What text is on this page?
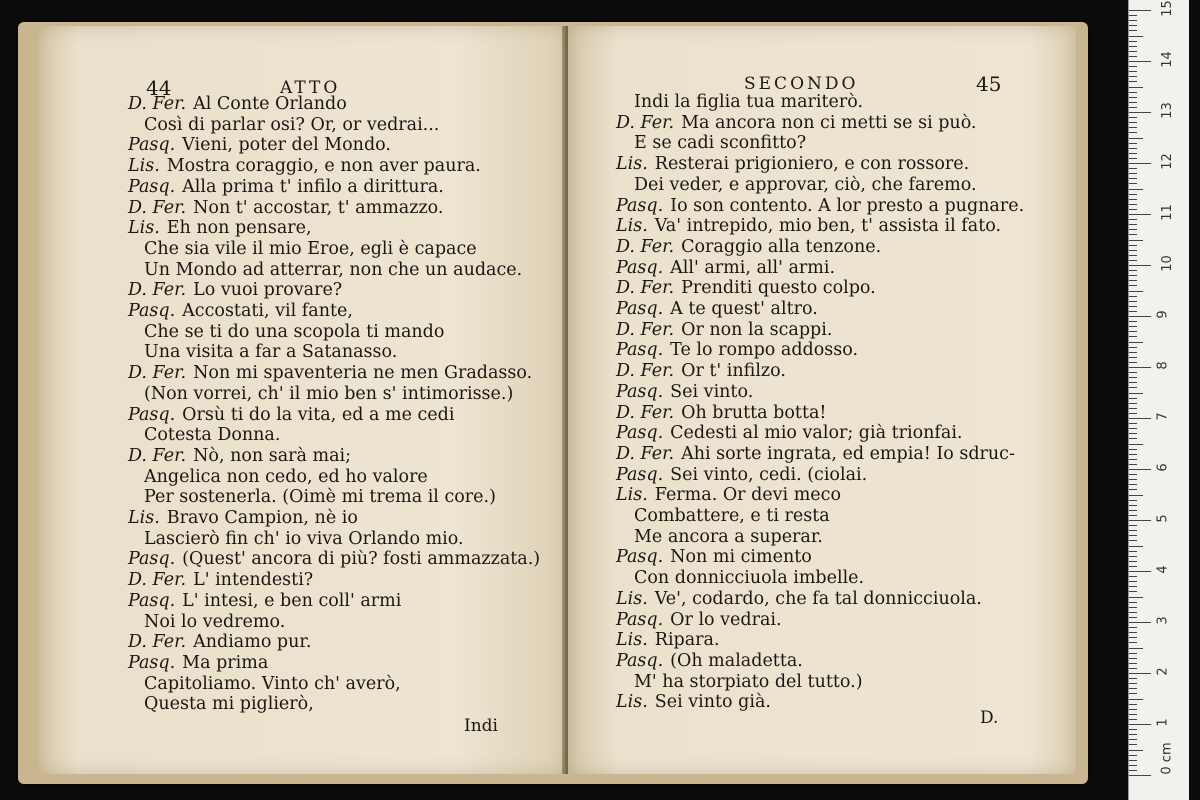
44	ATTO
D. Fer. Al Conte Orlando
Così di parlar osi? Or, or vedrai...
Pasq. Vieni, poter del Mondo.
Lis. Mostra coraggio, e non aver paura.
Pasq. Alla prima t' infilo a dirittura.
D. Fer. Non t' accostar, t' ammazzo.
Lis. Eh non pensare,
Che sia vile il mio Eroe, egli è capace
Un Mondo ad atterrar, non che un audace.
D. Fer. Lo vuoi provare?
Pasq. Accostati, vil fante,
Che se ti do una scopola ti mando
Una visita a far a Satanasso.
D. Fer. Non mi spaventeria ne men Gradasso.
(Non vorrei, ch' il mio ben s' intimorisse.)
Pasq. Orsù ti do la vita, ed a me cedi
Cotesta Donna.
D. Fer. Nò, non sarà mai;
Angelica non cedo, ed ho valore
Per sostenerla. (Oimè mi trema il core.)
Lis. Bravo Campion, nè io
Lascierò fin ch' io viva Orlando mio.
Pasq. (Quest' ancora di più? fosti ammazzata.)
D. Fer. L' intendesti?
Pasq. L' intesi, e ben coll' armi
Noi lo vedremo.
D. Fer. Andiamo pur.
Pasq. Ma prima
Capitoliamo. Vinto ch' averò,
Questa mi piglierò,
Indi
SECONDO	45
Indi la figlia tua mariterò.
D. Fer. Ma ancora non ci metti se si può.
E se cadi sconfitto?
Lis. Resterai prigioniero, e con rossore.
Dei veder, e approvar, ciò, che faremo.
Pasq. Io son contento. A lor presto a pugnare.
Lis. Va' intrepido, mio ben, t' assista il fato.
D. Fer. Coraggio alla tenzone.
Pasq. All' armi, all' armi.
D. Fer. Prenditi questo colpo.
Pasq. A te quest' altro.
D. Fer. Or non la scappi.
Pasq. Te lo rompo addosso.
D. Fer. Or t' infilzo.
Pasq. Sei vinto.
D. Fer. Oh brutta botta!
Pasq. Cedesti al mio valor; già trionfai.
D. Fer. Ahi sorte ingrata, ed empia! Io sdruc-
Pasq. Sei vinto, cedi. (ciolai.
Lis. Ferma. Or devi meco
Combattere, e ti resta
Me ancora a superar.
Pasq. Non mi cimento
Con donnicciuola imbelle.
Lis. Ve', codardo, che fa tal donnicciuola.
Pasq. Or lo vedrai.
Lis. Ripara.
Pasq. (Oh maladetta.
M' ha storpiato del tutto.)
Lis. Sei vinto già.
D.
0 cm
1
2
3
4
5
6
7
8
9
10
11
12
13
14
15
